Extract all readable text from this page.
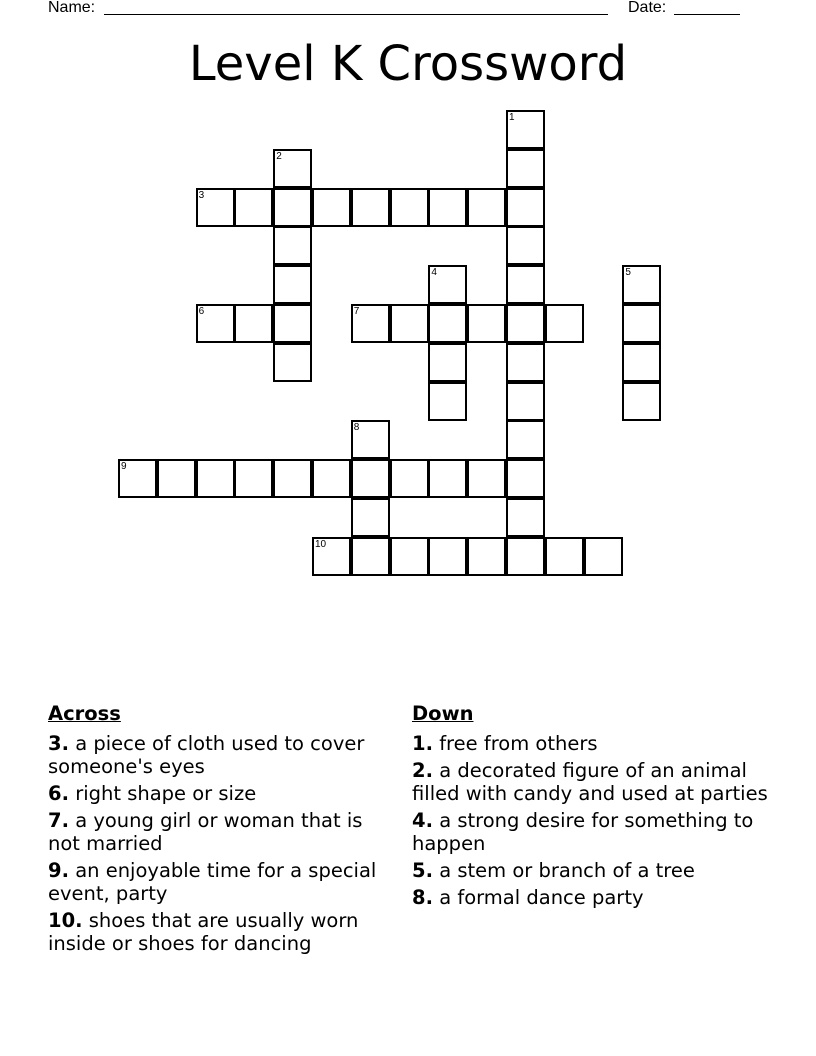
Name:	Date:
Level K Crossword
1
2
3
4	5
6	7
8
9
10
Across
3. a piece of cloth used to cover someone's eyes
6. right shape or size
7. a young girl or woman that is not married
9. an enjoyable time for a special event, party
10. shoes that are usually worn inside or shoes for dancing
Down
1. free from others
2. a decorated figure of an animal filled with candy and used at parties
4. a strong desire for something to happen
5. a stem or branch of a tree
8. a formal dance party
